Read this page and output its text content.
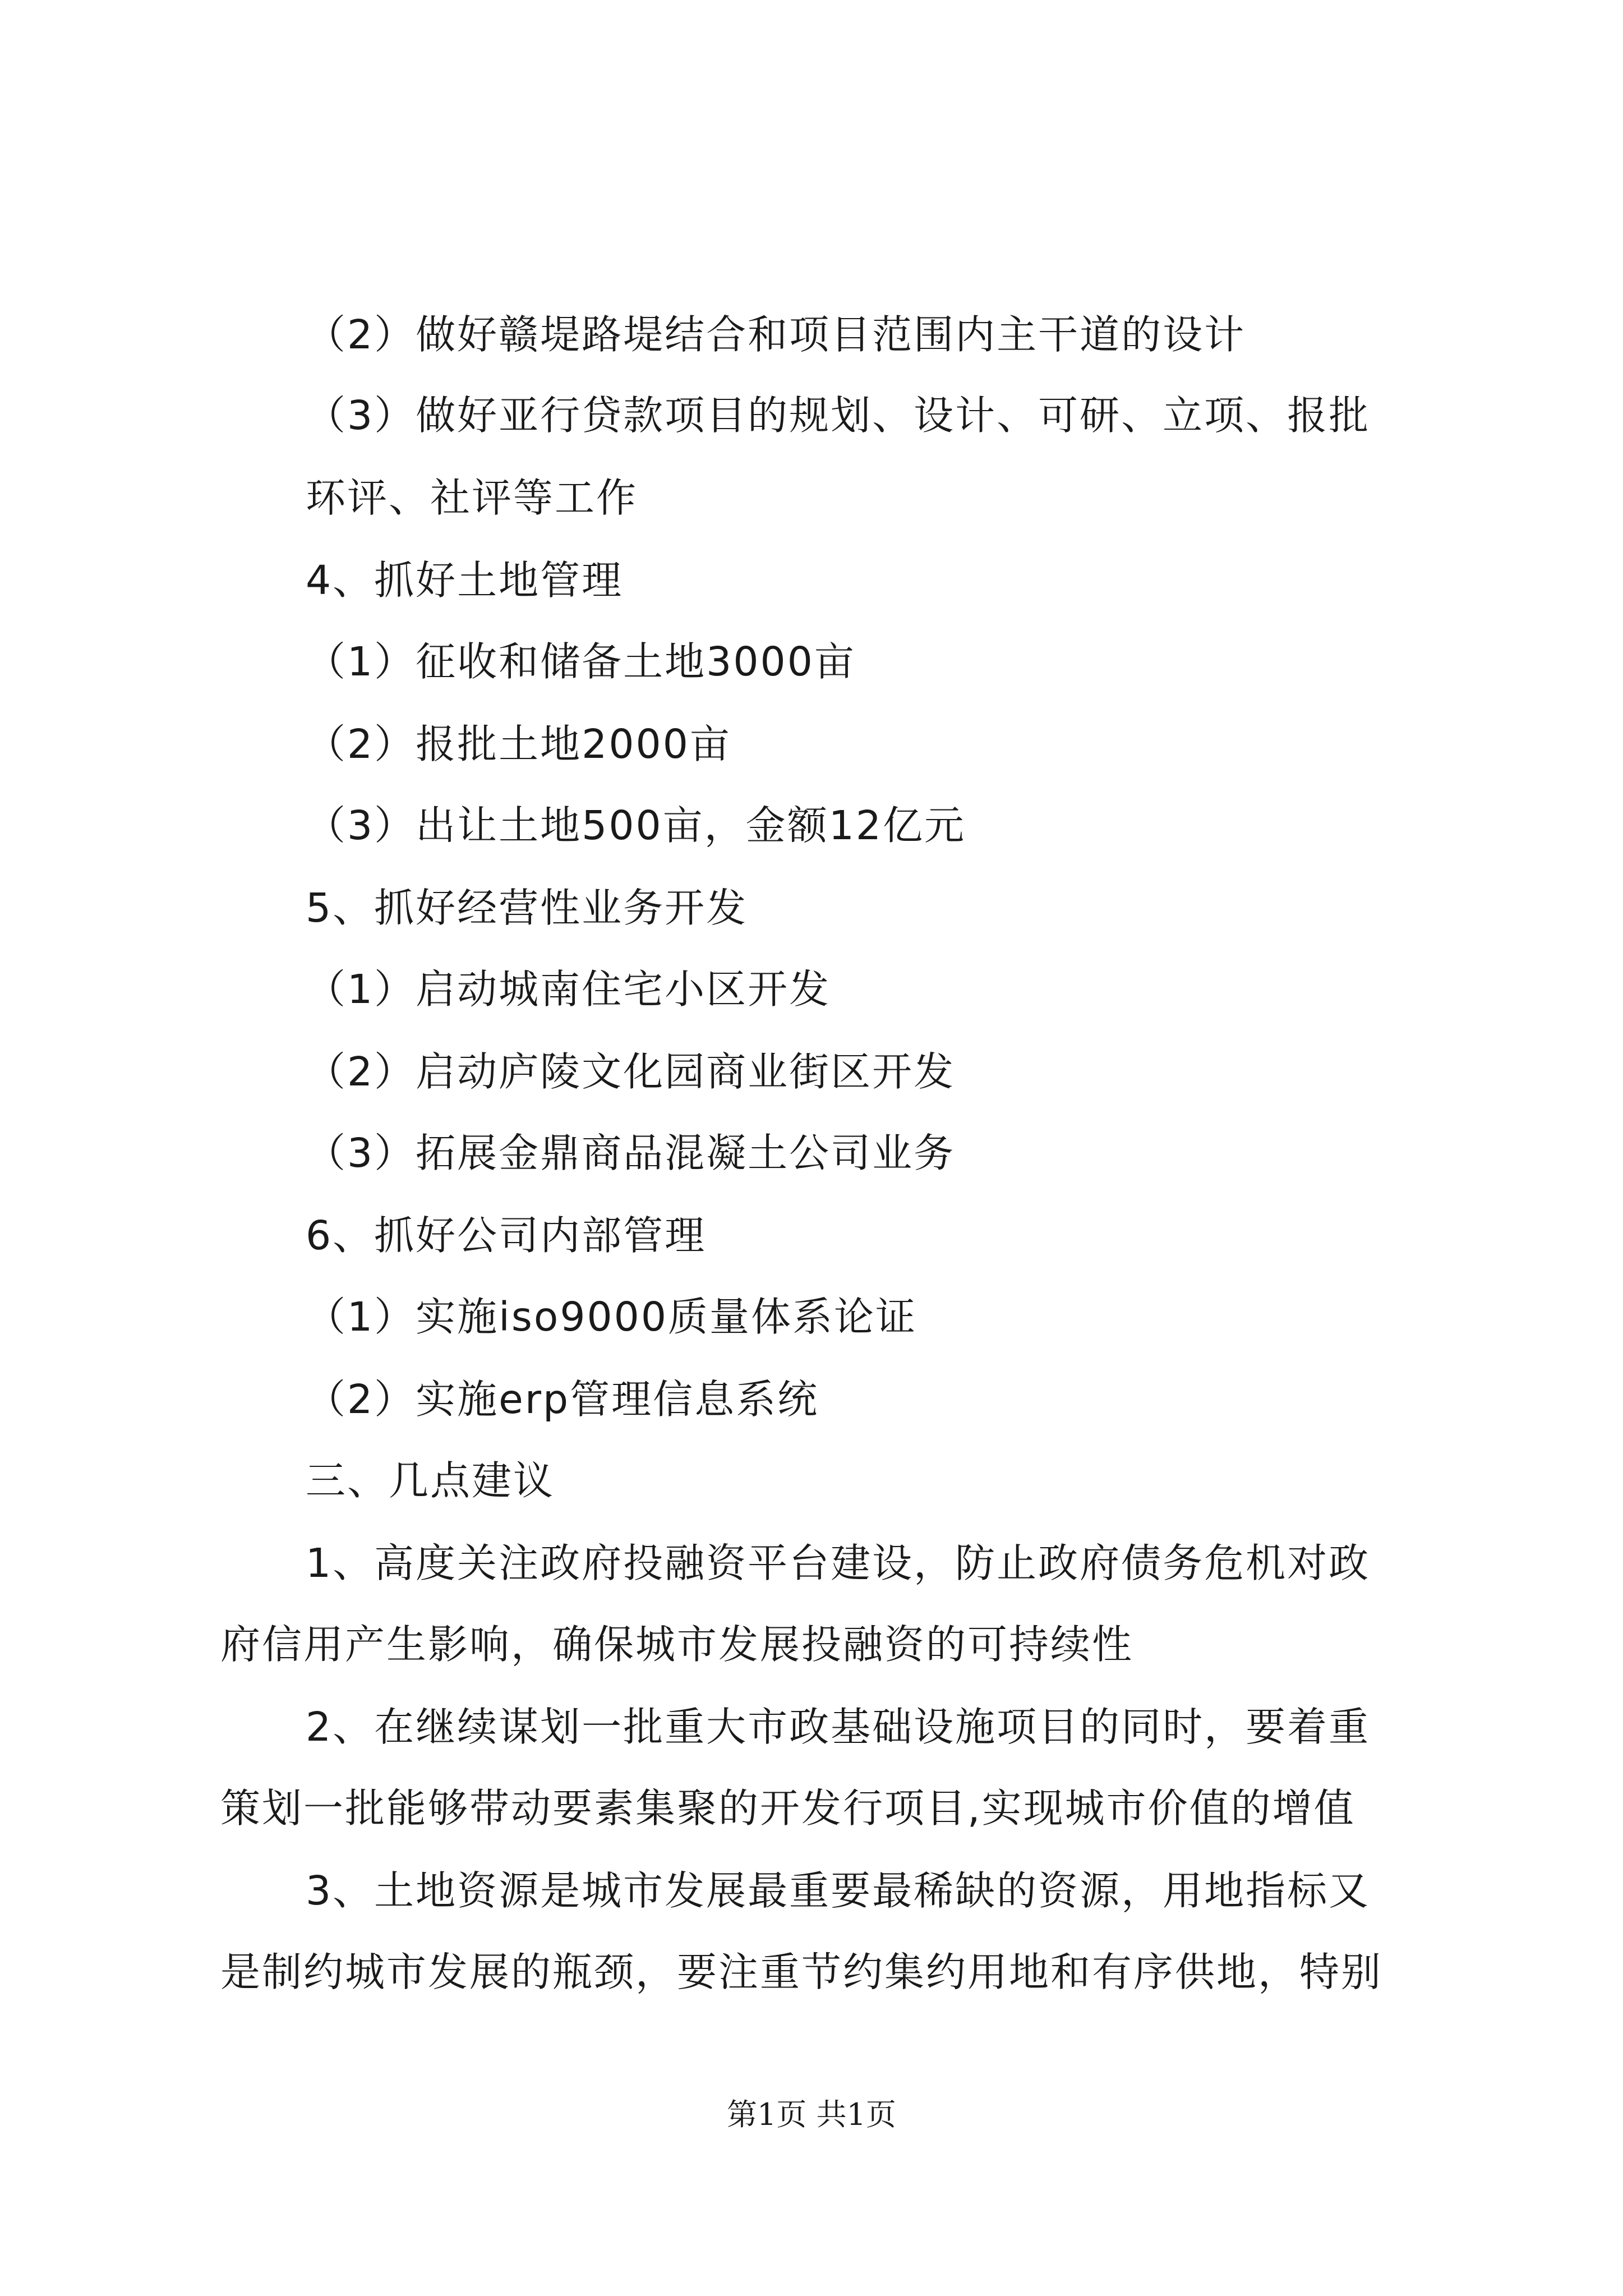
（2）做好赣堤路堤结合和项目范围内主干道的设计
（3）做好亚行贷款项目的规划、设计、可研、立项、报批
环评、社评等工作
4、抓好土地管理
（1）征收和储备土地3000亩
（2）报批土地2000亩
（3）出让土地500亩，金额12亿元
5、抓好经营性业务开发
（1）启动城南住宅小区开发
（2）启动庐陵文化园商业街区开发
（3）拓展金鼎商品混凝土公司业务
6、抓好公司内部管理
（1）实施iso9000质量体系论证
（2）实施erp管理信息系统
三、几点建议
1、高度关注政府投融资平台建设，防止政府债务危机对政
府信用产生影响，确保城市发展投融资的可持续性
2、在继续谋划一批重大市政基础设施项目的同时，要着重
策划一批能够带动要素集聚的开发行项目,实现城市价值的增值
3、土地资源是城市发展最重要最稀缺的资源，用地指标又
是制约城市发展的瓶颈，要注重节约集约用地和有序供地，特别
第1页 共1页
